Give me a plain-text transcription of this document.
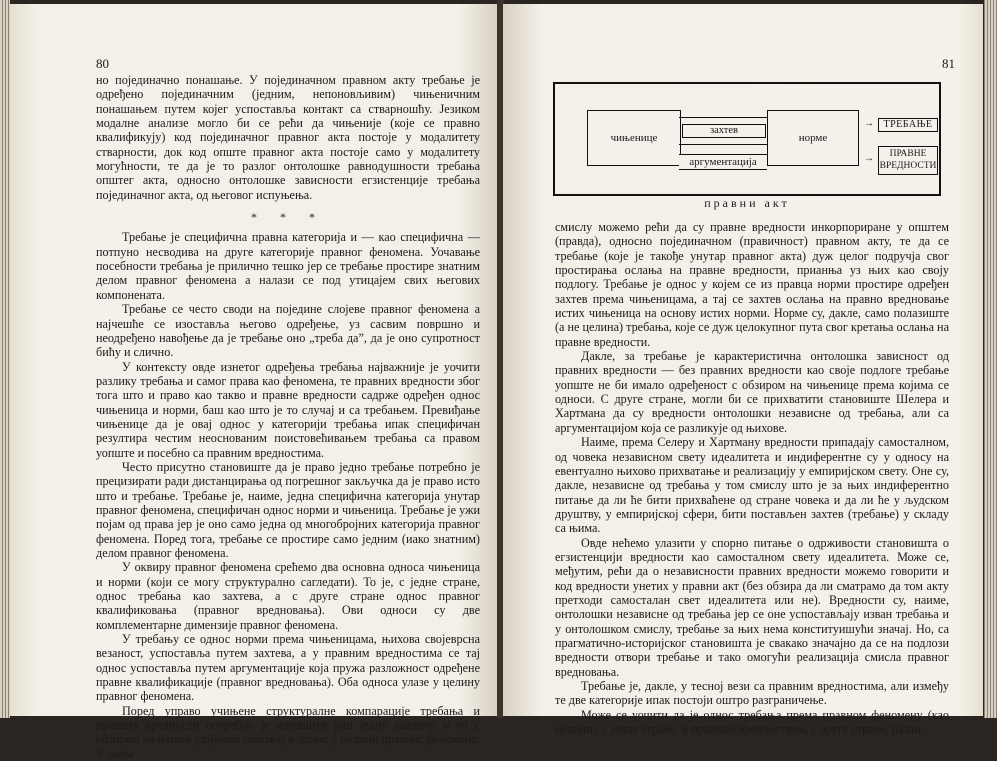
80

но појединачно понашање. У појединачном правном акту требање је одређено појединачним (једним, непоновљивим) чињеничним понашањем путем којег успоставља контакт са стварношћу. Језиком модалне анализе могло би се рећи да чињеније (које се правно квалификују) код појединачног правног акта постоје у модалитету стварности, док код опште правног акта постоје само у модалитету могућности, те да је то разлог онтолошке равнодушности требања општег акта, односно онтолошке зависности егзистенције требања појединачног акта, од његовог испуњења.

* * *

Требање је специфична правна категорија и — као специфична — потпуно несводива на друге категорије правног феномена. Уочавање посебности требања је прилично тешко јер се требање простире знатним делом правног феномена а налази се под утицајем свих његових компонената.

Требање се често своди на поједине слојеве правног феномена а најчешће се изоставља његово одређење, уз сасвим површно и неодређено навођење да је требање оно „треба да”, да је оно супротност бићу и слично.

У контексту овде изнетог одређења требања најважније је уочити разлику требања и самог права као феномена, те правних вредности због тога што и право као такво и правне вредности садрже одређен однос чињеница и норми, баш као што је то случај и са требањем. Превиђање чињенице да је овај однос у категорији требања ипак специфичан резултира честим неоснованим поистовећивањем требања са правом уопште и посебно са правним вредностима.

Често присутно становиште да је право једно требање потребно је прецизирати ради дистанцирања од погрешног закључка да је право исто што и требање. Требање је, наиме, једна специфична категорија унутар правног феномена, специфичан однос норми и чињеница. Требање је ужи појам од права јер је оно само једна од многобројних категорија правног феномена. Поред тога, требање се простире само једним (иако знатним) делом правног феномена.

У оквиру правног феномена срећемо два основна односа чињеница и норми (који се могу структурално сагледати). То је, с једне стране, однос требања као захтева, а с друге стране однос правног квалификовања (правног вредновања). Ови односи су две комплементарне димензије правног феномена.

У требању се однос норми према чињеницама, њихова својеврсна везаност, успоставља путем захтева, а у правним вредностима се тај однос успоставља путем аргументације која пружа разложност одређене правне квалификације (правног вредновања). Оба односа улазе у целину правног феномена.

Поред управо учињене структуралне компарације требања и правних вредности потребно је извршити још једну анализу, и то с обзиром на њихов узајамни положај и однос у целини правног феномена. У овом

81
чињенице	норме
захтев
аргументација
→
→
ТРЕБАЊЕ
ПРАВНЕ ВРЕДНОСТИ
правни акт

смислу можемо рећи да су правне вредности инкорпориране у општем (правда), односно појединачном (правичност) правном акту, те да се требање (које је такође унутар правног акта) дуж целог подручја свог простирања ослања на правне вредности, прианња уз њих као своју подлогу. Требање је однос у којем се из правца норми простире одређен захтев према чињеницама, а тај се захтев ослања на правно вредновање истих чињеница на основу истих норми. Норме су, дакле, само полазиште (а не целина) требања, које се дуж целокупног пута свог кретања ослања на правне вредности.

Дакле, за требање је карактеристична онтолошка зависност од правних вредности — без правних вредности као своје подлоге требање уопште не би имало одређеност с обзиром на чињенице према којима се односи. С друге стране, могли би се прихватити становиште Шелера и Хартмана да су вредности онтолошки независне од требања, али са аргументацијом која се разликује од њихове.

Наиме, према Селеру и Хартману вредности припадају самосталном, од човека независном свету идеалитета и индиферентне су у односу на евентуално њихово прихватање и реализацију у емпиријском свету. Оне су, дакле, независне од требања у том смислу што је за њих индиферентно питање да ли ће бити прихваћене од стране човека и да ли ће у људском друштву, у емпиријској сфери, бити постављен захтев (требање) у складу са њима.

Овде нећемо улазити у спорно питање о одрживости становишта о егзистенцији вредности као самосталном свету идеалитета. Може се, међутим, рећи да о независности правних вредности можемо говорити и код вредности унетих у правни акт (без обзира да ли сматрамо да том акту претходи самосталан свет идеалитета или не). Вредности су, наиме, онтолошки независне од требања јер се оне успостављају изван требања и у онтолошком смислу, требање за њих нема конституишући значај. Но, са прагматично-историјског становишта је свакако значајно да се на подлози вредности отвори требање и тако омогући реализација смисла правног вредновања.

Требање је, дакле, у тесној вези са правним вредностима, али између те две категорије ипак постоји оштро разграничење.

Може се уочити да је однос требања према правном феномену (као целини), с једне стране, и правним вредностима, с друге стране, разли-
